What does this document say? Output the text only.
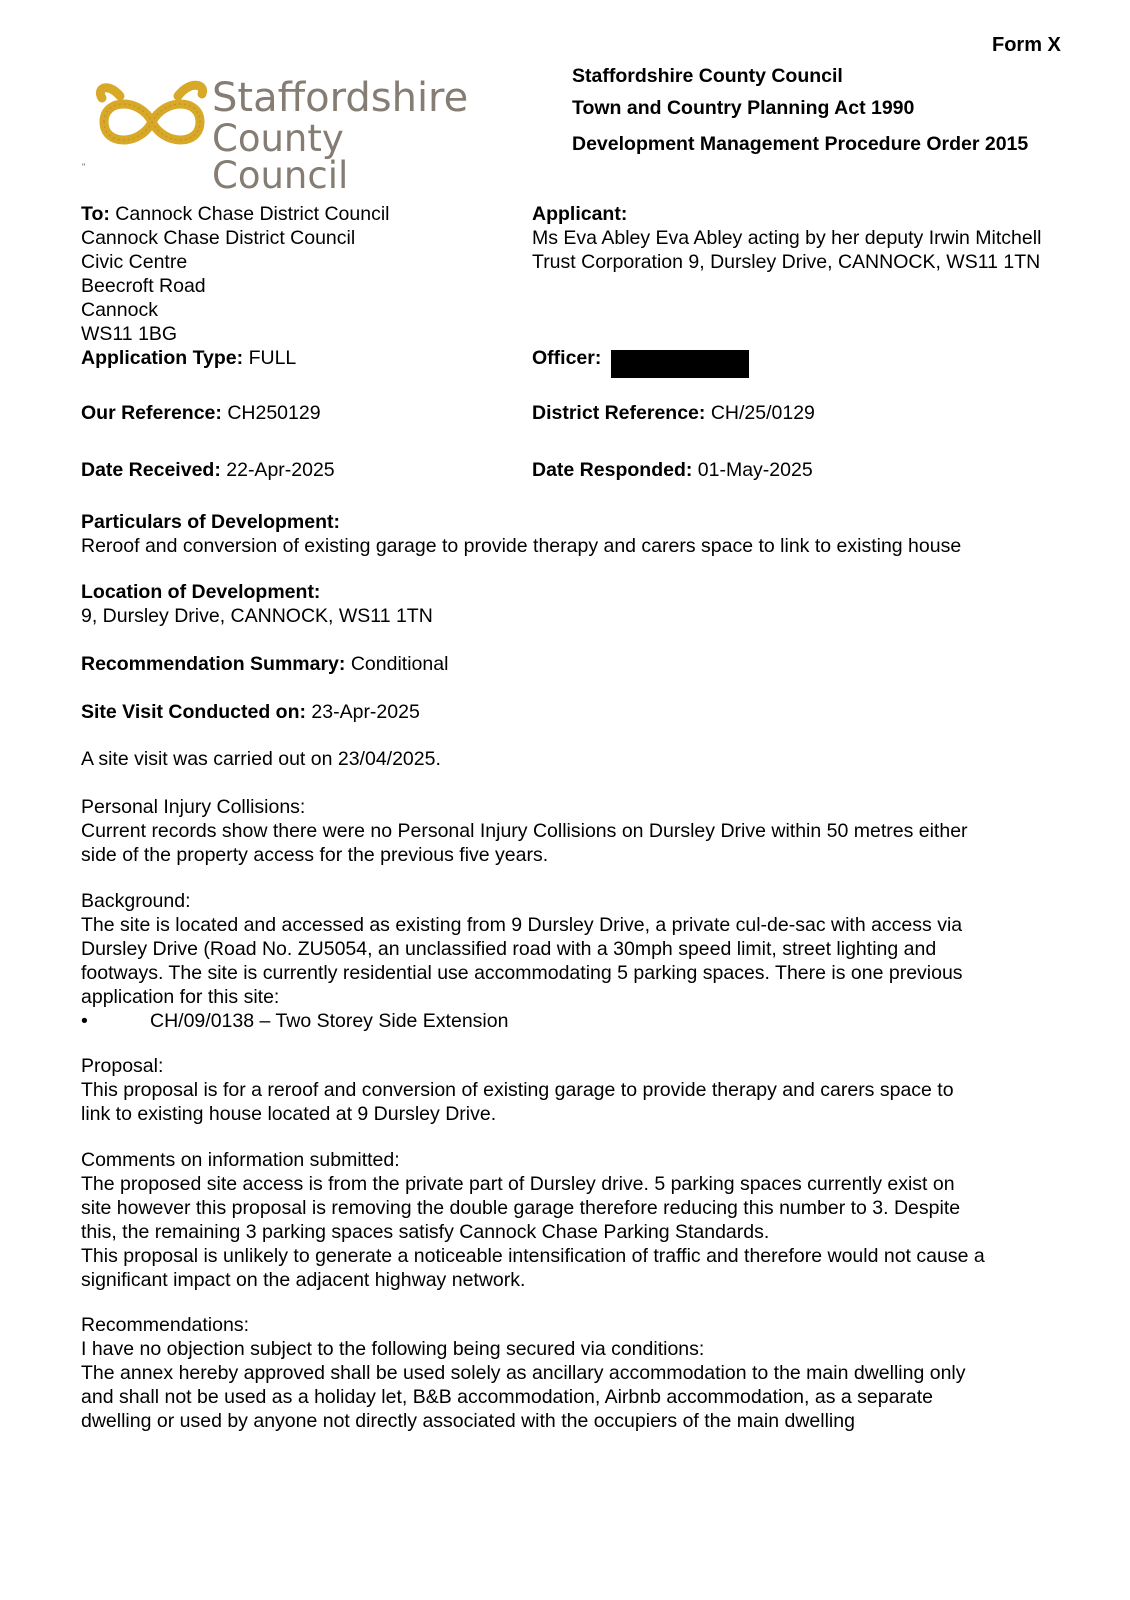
Form X
Staffordshire County Council
Town and Country Planning Act 1990
Development Management Procedure Order 2015
Staffordshire
County Council
"
To: Cannock Chase District Council
Cannock Chase District Council
Civic Centre
Beecroft Road
Cannock
WS11 1BG
Application Type: FULL
Applicant:
Ms Eva Abley Eva Abley acting by her deputy Irwin Mitchell
Trust Corporation 9, Dursley Drive, CANNOCK, WS11 1TN
Officer:
Our Reference: CH250129	District Reference: CH/25/0129
Date Received: 22-Apr-2025	Date Responded: 01-May-2025
Particulars of Development:
Reroof and conversion of existing garage to provide therapy and carers space to link to existing house
Location of Development:
9, Dursley Drive, CANNOCK, WS11 1TN
Recommendation Summary: Conditional
Site Visit Conducted on: 23-Apr-2025
A site visit was carried out on 23/04/2025.
Personal Injury Collisions:
Current records show there were no Personal Injury Collisions on Dursley Drive within 50 metres either
side of the property access for the previous five years.
Background:
The site is located and accessed as existing from 9 Dursley Drive, a private cul-de-sac with access via
Dursley Drive (Road No. ZU5054, an unclassified road with a 30mph speed limit, street lighting and
footways. The site is currently residential use accommodating 5 parking spaces. There is one previous
application for this site:
•	CH/09/0138 – Two Storey Side Extension
Proposal:
This proposal is for a reroof and conversion of existing garage to provide therapy and carers space to
link to existing house located at 9 Dursley Drive.
Comments on information submitted:
The proposed site access is from the private part of Dursley drive. 5 parking spaces currently exist on
site however this proposal is removing the double garage therefore reducing this number to 3. Despite
this, the remaining 3 parking spaces satisfy Cannock Chase Parking Standards.
This proposal is unlikely to generate a noticeable intensification of traffic and therefore would not cause a
significant impact on the adjacent highway network.
Recommendations:
I have no objection subject to the following being secured via conditions:
The annex hereby approved shall be used solely as ancillary accommodation to the main dwelling only
and shall not be used as a holiday let, B&B accommodation, Airbnb accommodation, as a separate
dwelling or used by anyone not directly associated with the occupiers of the main dwelling
